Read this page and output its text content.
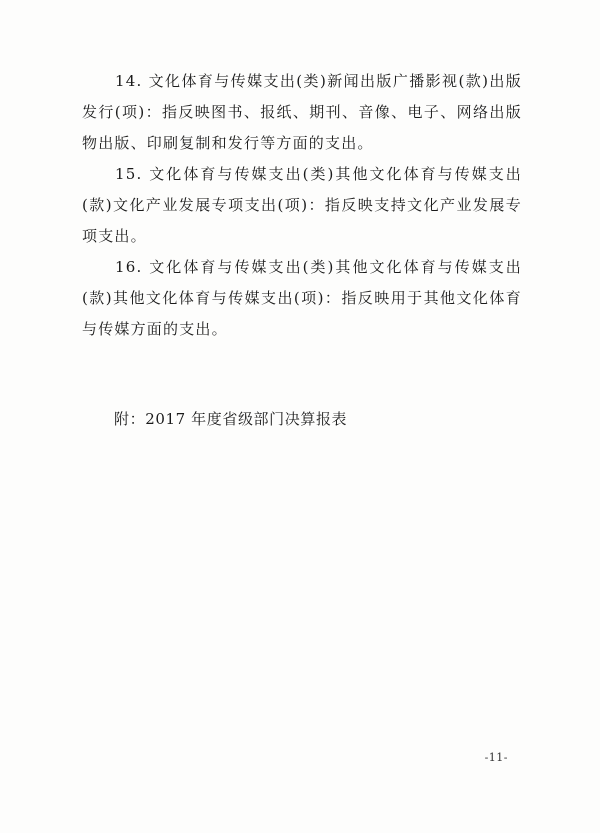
14. 文化体育与传媒支出(类)新闻出版广播影视(款)出版发行(项)：指反映图书、报纸、期刊、音像、电子、网络出版物出版、印刷复制和发行等方面的支出。

15. 文化体育与传媒支出(类)其他文化体育与传媒支出(款)文化产业发展专项支出(项)：指反映支持文化产业发展专项支出。

16. 文化体育与传媒支出(类)其他文化体育与传媒支出(款)其他文化体育与传媒支出(项)：指反映用于其他文化体育与传媒方面的支出。

附：2017 年度省级部门决算报表

-11-
